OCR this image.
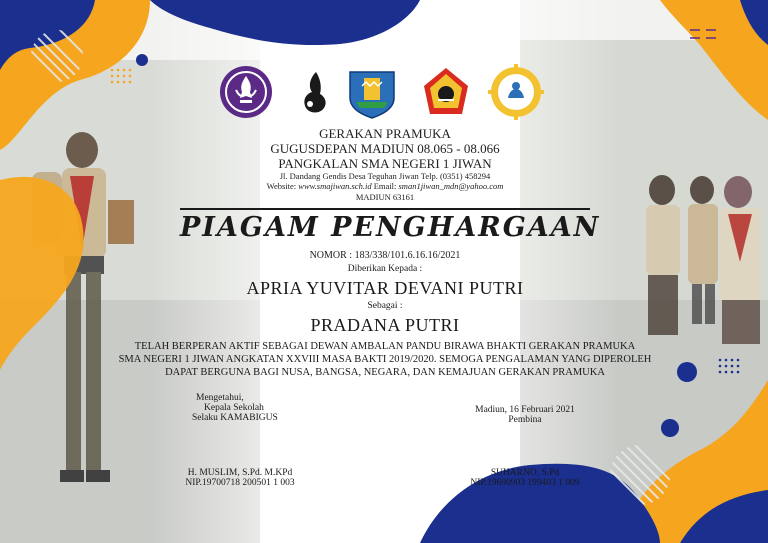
GERAKAN PRAMUKA
GUGUSDEPAN MADIUN 08.065 - 08.066
PANGKALAN SMA NEGERI 1 JIWAN
Jl. Dandang Gendis Desa Teguhan Jiwan Telp. (0351) 458294
Website: www.smajiwan.sch.id Email: sman1jiwan_mdn@yahoo.com
MADIUN 63161
PIAGAM PENGHARGAAN
NOMOR : 183/338/101.6.16.16/2021
Diberikan Kepada :
APRIA YUVITAR DEVANI PUTRI
Sebagai :
PRADANA PUTRI
TELAH BERPERAN AKTIF SEBAGAI DEWAN AMBALAN PANDU BIRAWA BHAKTI GERAKAN PRAMUKA
SMA NEGERI 1 JIWAN ANGKATAN XXVIII MASA BAKTI 2019/2020. SEMOGA PENGALAMAN YANG DIPEROLEH
DAPAT BERGUNA BAGI NUSA, BANGSA, NEGARA, DAN KEMAJUAN GERAKAN PRAMUKA
Mengetahui,
Kepala Sekolah
Selaku KAMABIGUS
Madiun, 16 Februari 2021
Pembina
H. MUSLIM, S.Pd. M.KPd
NIP.19700718 200501 1 003
SUHARNO, S.Pd
NIP.19690903 199403 1 009
